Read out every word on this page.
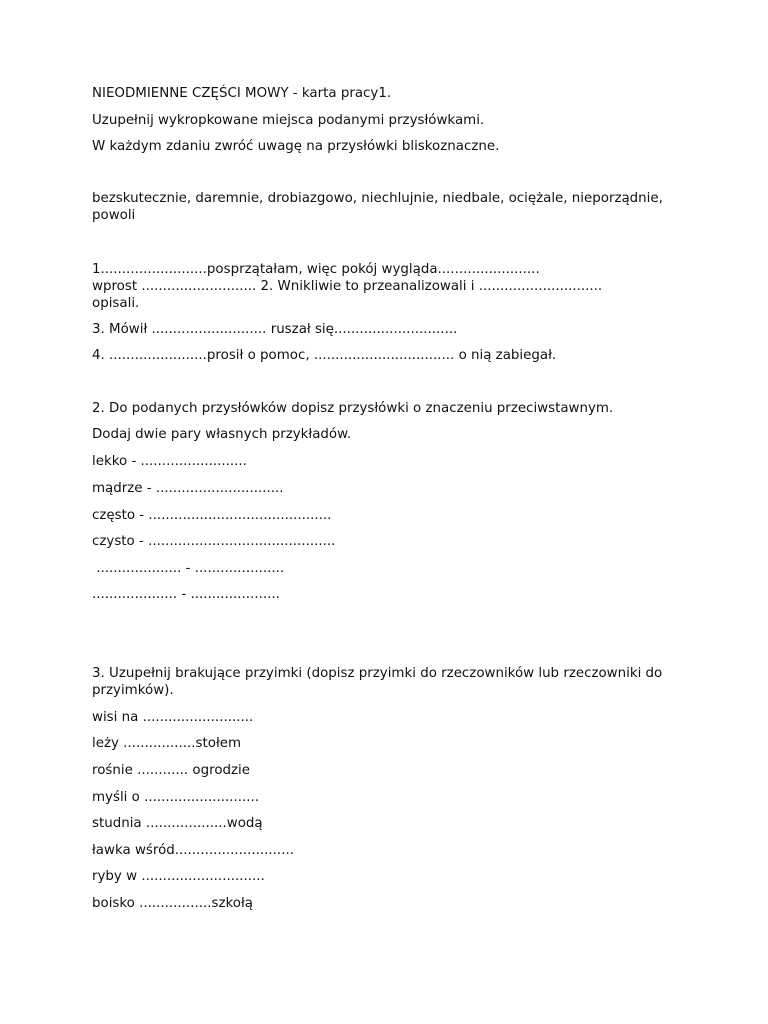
NIEODMIENNE CZĘŚCI MOWY - karta pracy1.

Uzupełnij wykropkowane miejsca podanymi przysłówkami.

W każdym zdaniu zwróć uwagę na przysłówki bliskoznaczne.

bezskutecznie, daremnie, drobiazgowo, niechlujnie, niedbale, ociężale, nieporządnie, powoli

1.........................posprzątałam, więc pokój wygląda........................
wprost ........................... 2. Wnikliwie to przeanalizowali i .............................
opisali.

3. Mówił ........................... ruszał się.............................

4. .......................prosił o pomoc, ................................. o nią zabiegał.

2. Do podanych przysłówków dopisz przysłówki o znaczeniu przeciwstawnym.

Dodaj dwie pary własnych przykładów.

lekko - .........................

mądrze - ..............................

często - ...........................................

czysto - ............................................

.................... - .....................

.................... - .....................

3. Uzupełnij brakujące przyimki (dopisz przyimki do rzeczowników lub rzeczowniki do przyimków).

wisi na ..........................

leży .................stołem

rośnie ............ ogrodzie

myśli o ...........................

studnia ...................wodą

ławka wśród............................

ryby w .............................

boisko .................szkołą
